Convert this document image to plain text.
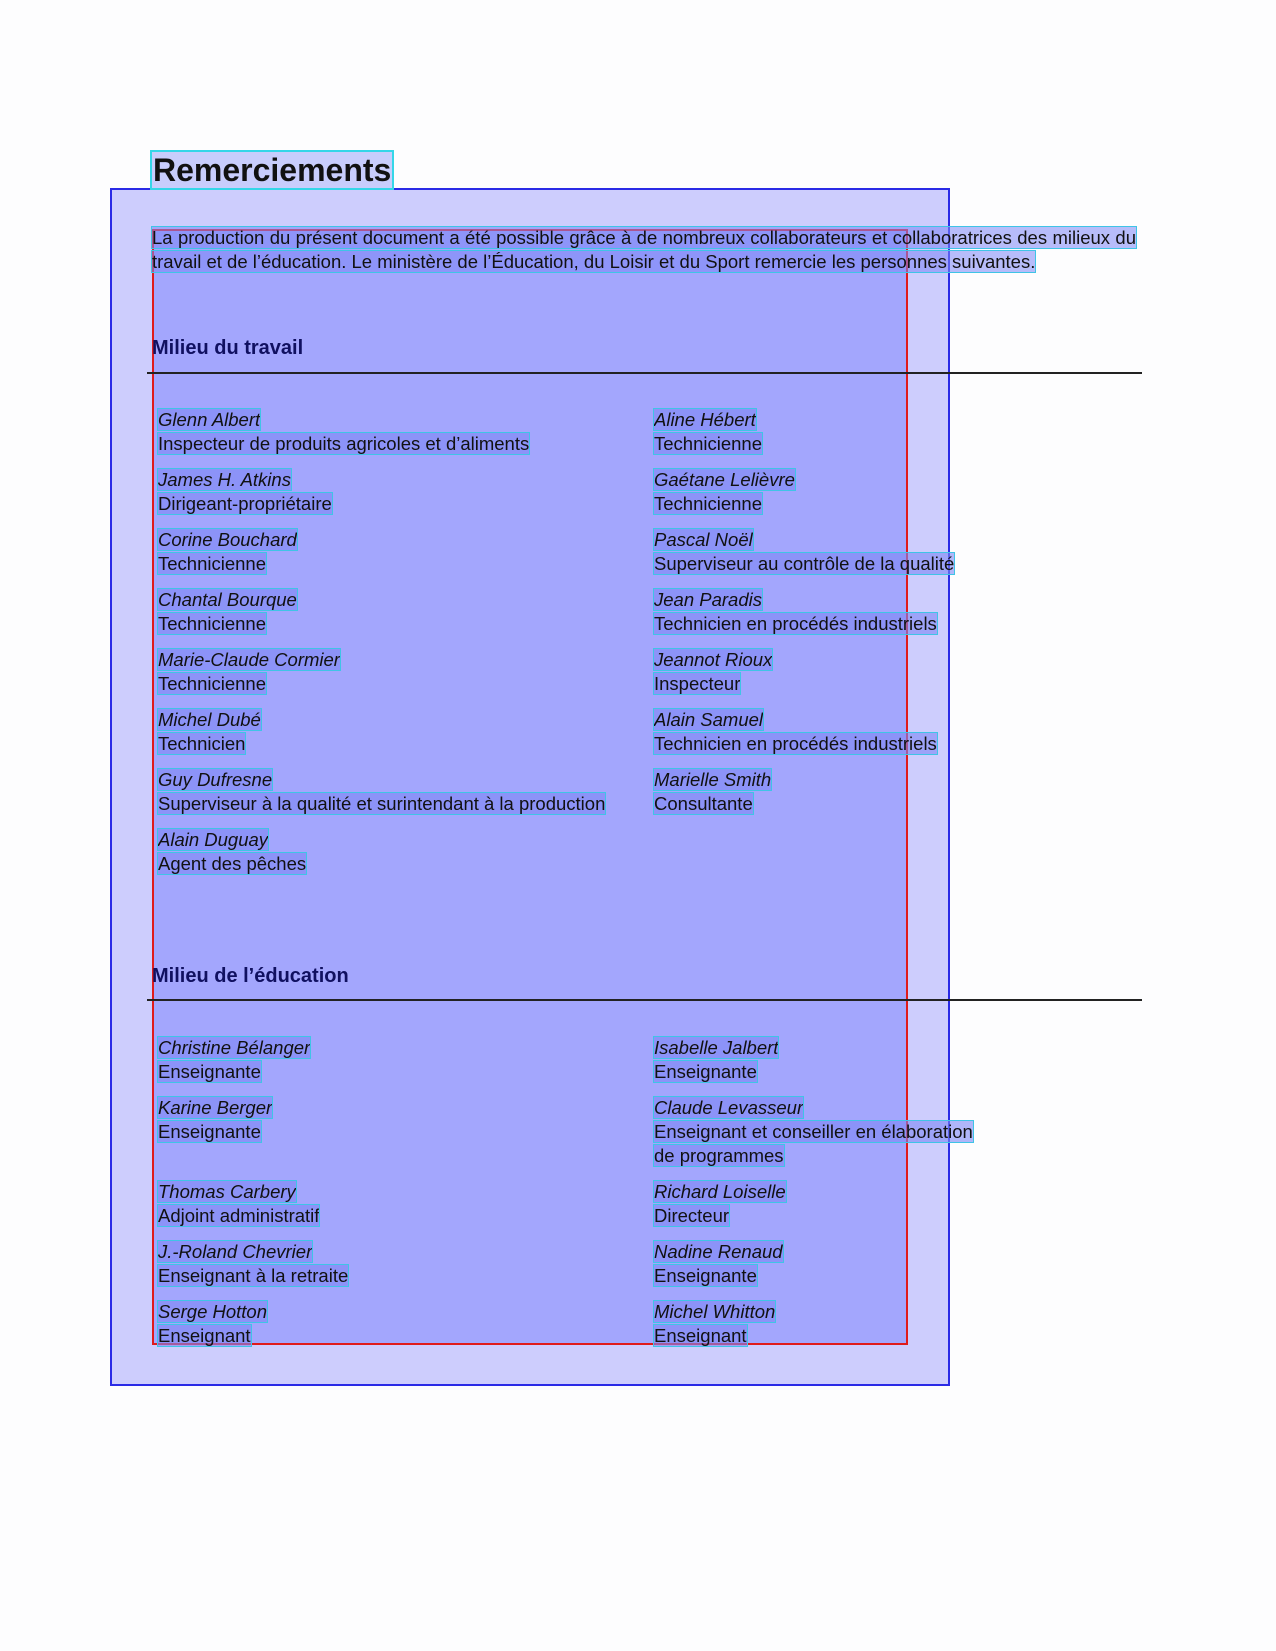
Remerciements

La production du présent document a été possible grâce à de nombreux collaborateurs et collaboratrices des milieux du travail et de l’éducation. Le ministère de l’Éducation, du Loisir et du Sport remercie les personnes suivantes.

Milieu du travail
Glenn Albert
Inspecteur de produits agricoles et d’aliments
Aline Hébert
Technicienne
James H. Atkins
Dirigeant-propriétaire
Gaétane Lelièvre
Technicienne
Corine Bouchard
Technicienne
Pascal Noël
Superviseur au contrôle de la qualité
Chantal Bourque
Technicienne
Jean Paradis
Technicien en procédés industriels
Marie-Claude Cormier
Technicienne
Jeannot Rioux
Inspecteur
Michel Dubé
Technicien
Alain Samuel
Technicien en procédés industriels
Guy Dufresne
Superviseur à la qualité et surintendant à la production
Marielle Smith
Consultante
Alain Duguay
Agent des pêches
Milieu de l’éducation
Christine Bélanger
Enseignante
Isabelle Jalbert
Enseignante
Karine Berger
Enseignante
Claude Levasseur
Enseignant et conseiller en élaboration de programmes
Thomas Carbery
Adjoint administratif
Richard Loiselle
Directeur
J.-Roland Chevrier
Enseignant à la retraite
Nadine Renaud
Enseignante
Serge Hotton
Enseignant
Michel Whitton
Enseignant
